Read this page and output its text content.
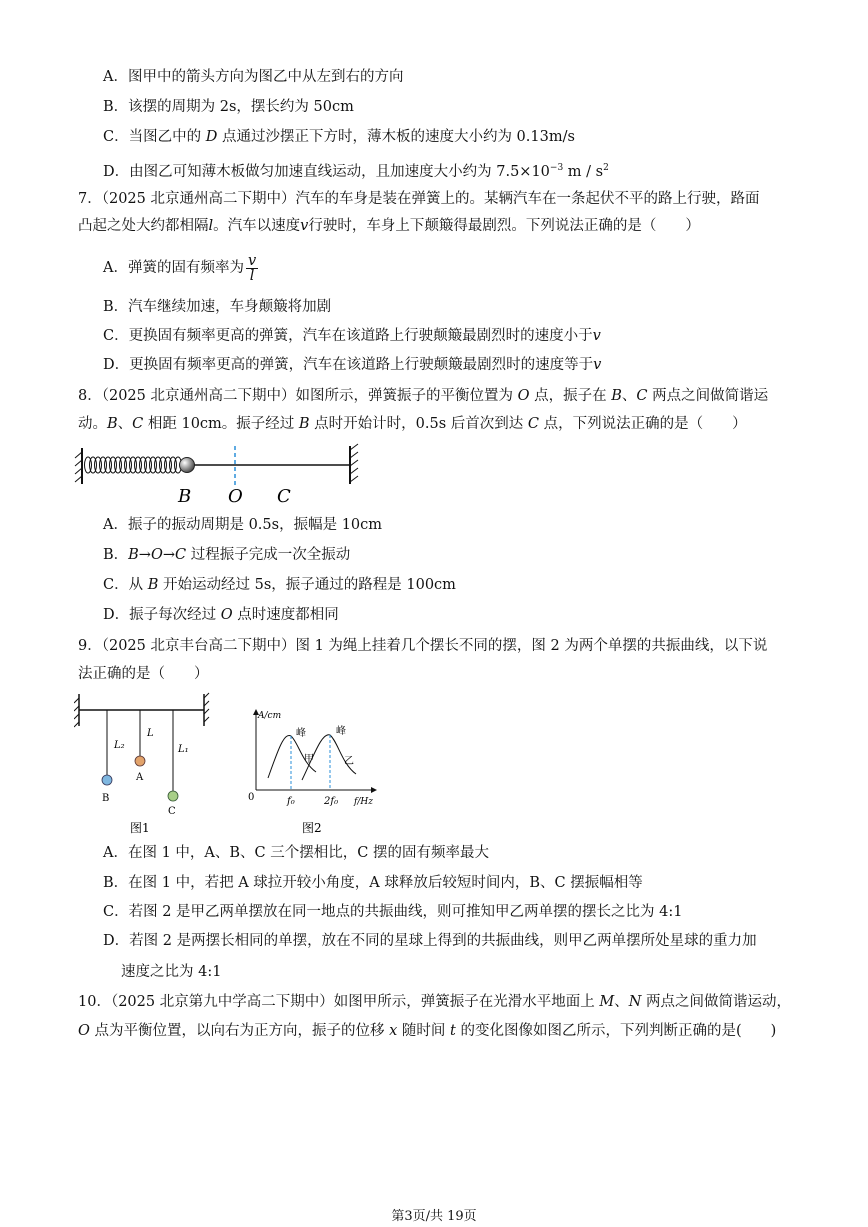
A．图甲中的箭头方向为图乙中从左到右的方向
B．该摆的周期为 2s，摆长约为 50cm
C．当图乙中的 D 点通过沙摆正下方时，薄木板的速度大小约为 0.13m/s
D．由图乙可知薄木板做匀加速直线运动，且加速度大小约为 $7.5\times 10^{-3}$ m / $s^2$
7．（2025 北京通州高二下期中）汽车的车身是装在弹簧上的。某辆汽车在一条起伏不平的路上行驶，路面
凸起之处大约都相隔l。汽车以速度v行驶时，车身上下颠簸得最剧烈。下列说法正确的是（　　）
A．弹簧的固有频率为 $\frac{v}{l}$
B．汽车继续加速，车身颠簸将加剧
C．更换固有频率更高的弹簧，汽车在该道路上行驶颠簸最剧烈时的速度小于v
D．更换固有频率更高的弹簧，汽车在该道路上行驶颠簸最剧烈时的速度等于v
8．（2025 北京通州高二下期中）如图所示，弹簧振子的平衡位置为 O 点，振子在 B、C 两点之间做简谐运
动。B、C 相距 10cm。振子经过 B 点时开始计时，0.5s 后首次到达 C 点，下列说法正确的是（　　）
B O C
A．振子的振动周期是 0.5s，振幅是 10cm
B．B→O→C 过程振子完成一次全振动
C．从 B 开始运动经过 5s，振子通过的路程是 100cm
D．振子每次经过 O 点时速度都相同
9．（2025 北京丰台高二下期中）图 1 为绳上挂着几个摆长不同的摆，图 2 为两个单摆的共振曲线，以下说
法正确的是（　　）
L₂
B
L
A
L₁
C
图1
A/cm
峰	峰
甲	乙
0	f₀	2f₀ f/Hz
图2
A．在图 1 中，A、B、C 三个摆相比，C 摆的固有频率最大
B．在图 1 中，若把 A 球拉开较小角度，A 球释放后较短时间内，B、C 摆振幅相等
C．若图 2 是甲乙两单摆放在同一地点的共振曲线，则可推知甲乙两单摆的摆长之比为 4:1
D．若图 2 是两摆长相同的单摆，放在不同的星球上得到的共振曲线，则甲乙两单摆所处星球的重力加
速度之比为 4:1
10．（2025 北京第九中学高二下期中）如图甲所示，弹簧振子在光滑水平地面上 M、N 两点之间做简谐运动，
O 点为平衡位置，以向右为正方向，振子的位移 x 随时间 t 的变化图像如图乙所示，下列判断正确的是(　　)
第3页/共 19页
